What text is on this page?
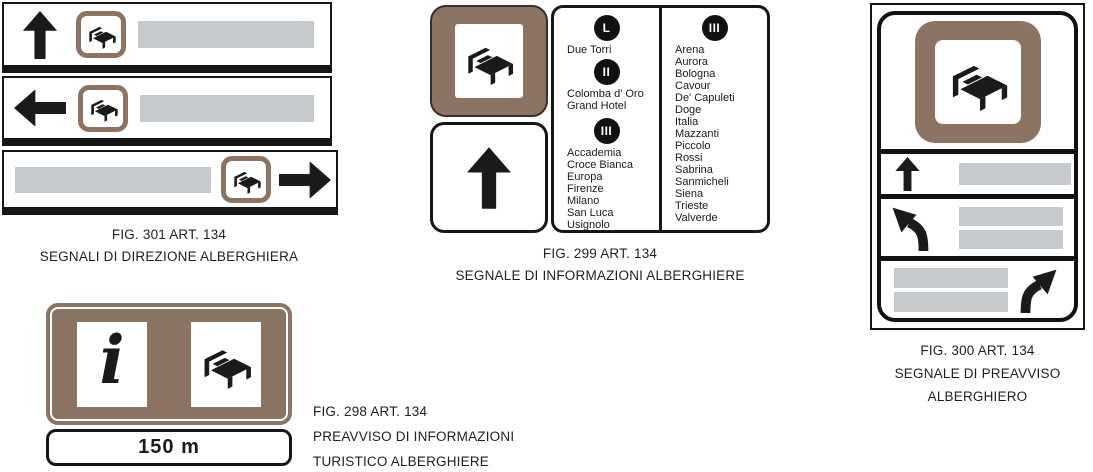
FIG. 301 ART. 134
SEGNALI DI DIREZIONE ALBERGHIERA
L
Due Torri
II
Colomba d' Oro
Grand Hotel
III
Accademia
Croce Bianca
Europa
Firenze
Milano
San Luca
Usignolo
III
Arena
Aurora
Bologna
Cavour
De' Capuleti
Doge
Italia
Mazzanti
Piccolo
Rossi
Sabrina
Sanmicheli
Siena
Trieste
Valverde
FIG. 299 ART. 134
SEGNALE DI INFORMAZIONI ALBERGHIERE
FIG. 300 ART. 134
SEGNALE DI PREAVVISO
ALBERGHIERO
i
150 m
FIG. 298 ART. 134
PREAVVISO DI INFORMAZIONI
TURISTICO ALBERGHIERE
